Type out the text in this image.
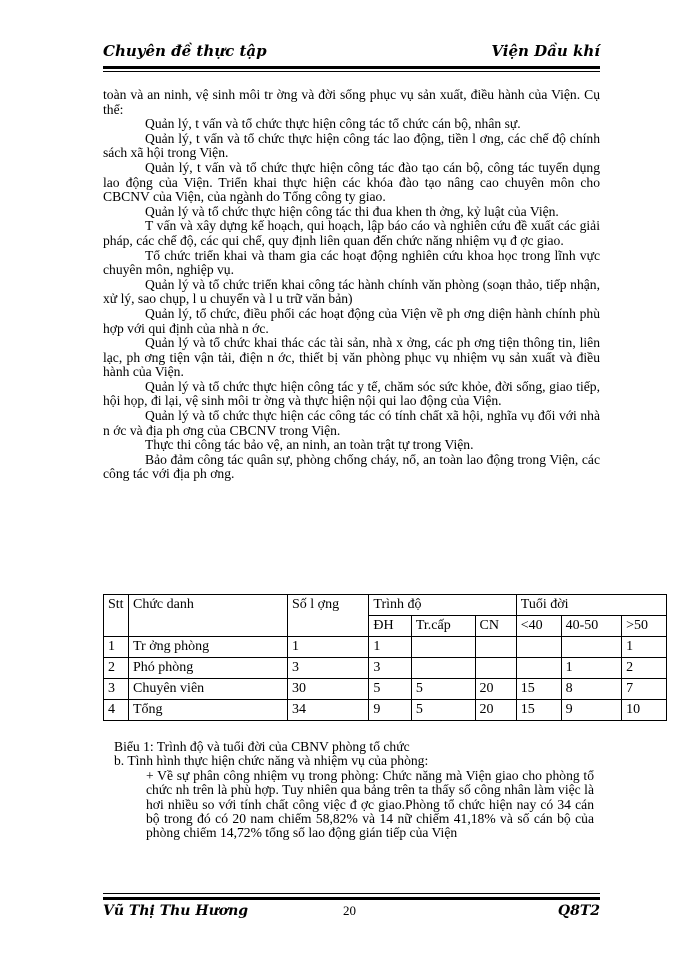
Chuyên đề thực tập	Viện Dầu khí

toàn và an ninh, vệ sinh môi tr ờng và đời sống phục vụ sản xuất, điều hành của Viện. Cụ thể:

Quản lý, t vấn và tổ chức thực hiện công tác tổ chức cán bộ, nhân sự.

Quản lý, t vấn và tổ chức thực hiện công tác lao động, tiền l ơng, các chế độ chính sách xã hội trong Viện.

Quản lý, t vấn và tổ chức thực hiện công tác đào tạo cán bộ, công tác tuyển dụng lao động của Viện. Triển khai thực hiện các khóa đào tạo nâng cao chuyên môn cho CBCNV của Viện, của ngành do Tổng công ty giao.

Quản lý và tổ chức thực hiện công tác thi đua khen th ởng, kỷ luật của Viện.

T vấn và xây dựng kế hoạch, qui hoạch, lập báo cáo và nghiên cứu đề xuất các giải pháp, các chế độ, các qui chế, quy định liên quan đến chức năng nhiệm vụ đ ợc giao.

Tổ chức triển khai và tham gia các hoạt động nghiên cứu khoa học trong lĩnh vực chuyên môn, nghiệp vụ.

Quản lý và tổ chức triển khai công tác hành chính văn phòng (soạn thảo, tiếp nhận, xử lý, sao chụp, l u chuyển và l u trữ văn bản)

Quản lý, tổ chức, điều phối các hoạt động của Viện về ph ơng diện hành chính phù hợp với qui định của nhà n ớc.

Quản lý và tổ chức khai thác các tài sản, nhà x ởng, các ph ơng tiện thông tin, liên lạc, ph ơng tiện vận tải, điện n ớc, thiết bị văn phòng phục vụ nhiệm vụ sản xuất và điều hành của Viện.

Quản lý và tổ chức thực hiện công tác y tế, chăm sóc sức khỏe, đời sống, giao tiếp, hội họp, đi lại, vệ sinh môi tr ờng và thực hiện nội qui lao động của Viện.

Quản lý và tổ chức thực hiện các công tác có tính chất xã hội, nghĩa vụ đối với nhà n ớc và địa ph ơng của CBCNV trong Viện.

Thực thi công tác bảo vệ, an ninh, an toàn trật tự trong Viện.

Bảo đảm công tác quân sự, phòng chống cháy, nổ, an toàn lao động trong Viện, các công tác với địa ph ơng.

Stt	Chức danh	Số l ợng	Trình độ			Tuổi đời		
			ĐH	Tr.cấp	CN	<40	40-50	>50
1	Tr ởng phòng	1	1					1
2	Phó phòng	3	3				1	2
3	Chuyên viên	30	5	5	20	15	8	7
4	Tổng	34	9	5	20	15	9	10

Biểu 1: Trình độ và tuổi đời của CBNV phòng tổ chức

b. Tình hình thực hiện chức năng và nhiệm vụ của phòng:

+ Về sự phân công nhiệm vụ trong phòng: Chức năng mà Viện giao cho phòng tổ chức nh trên là phù hợp. Tuy nhiên qua bảng trên ta thấy số công nhân làm việc là hơi nhiều so với tính chất công việc đ ợc giao.Phòng tổ chức hiện nay có 34 cán bộ trong đó có 20 nam chiếm 58,82% và 14 nữ chiếm 41,18% và số cán bộ của phòng chiếm 14,72% tổng số lao động gián tiếp của Viện

Vũ Thị Thu Hương	20	Q8T2
